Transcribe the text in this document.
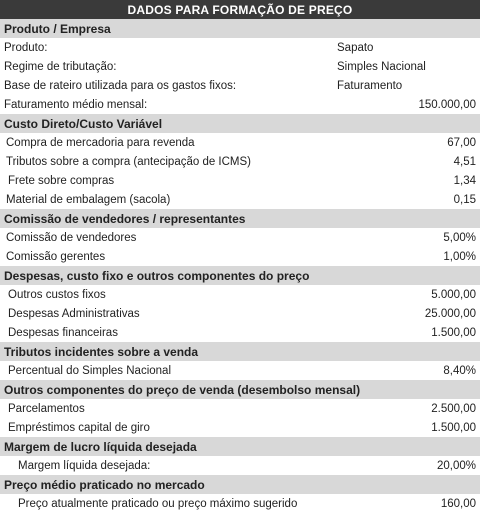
DADOS PARA FORMAÇÃO DE PREÇO
Produto / Empresa
Produto:	Sapato
Regime de tributação:	Simples Nacional
Base de rateiro utilizada para os gastos fixos:	Faturamento
Faturamento médio mensal:	150.000,00
Custo Direto/Custo Variável
Compra de mercadoria para revenda	67,00
Tributos sobre a compra (antecipação de ICMS)	4,51
Frete sobre compras	1,34
Material de embalagem (sacola)	0,15
Comissão de vendedores / representantes
Comissão de vendedores	5,00%
Comissão gerentes	1,00%
Despesas, custo fixo e outros componentes do preço
Outros custos fixos	5.000,00
Despesas Administrativas	25.000,00
Despesas financeiras	1.500,00
Tributos incidentes sobre a venda
Percentual do Simples Nacional	8,40%
Outros componentes do preço de venda (desembolso mensal)
Parcelamentos	2.500,00
Empréstimos capital de giro	1.500,00
Margem de lucro líquida desejada
Margem líquida desejada:	20,00%
Preço médio praticado no mercado
Preço atualmente praticado ou preço máximo sugerido	160,00
